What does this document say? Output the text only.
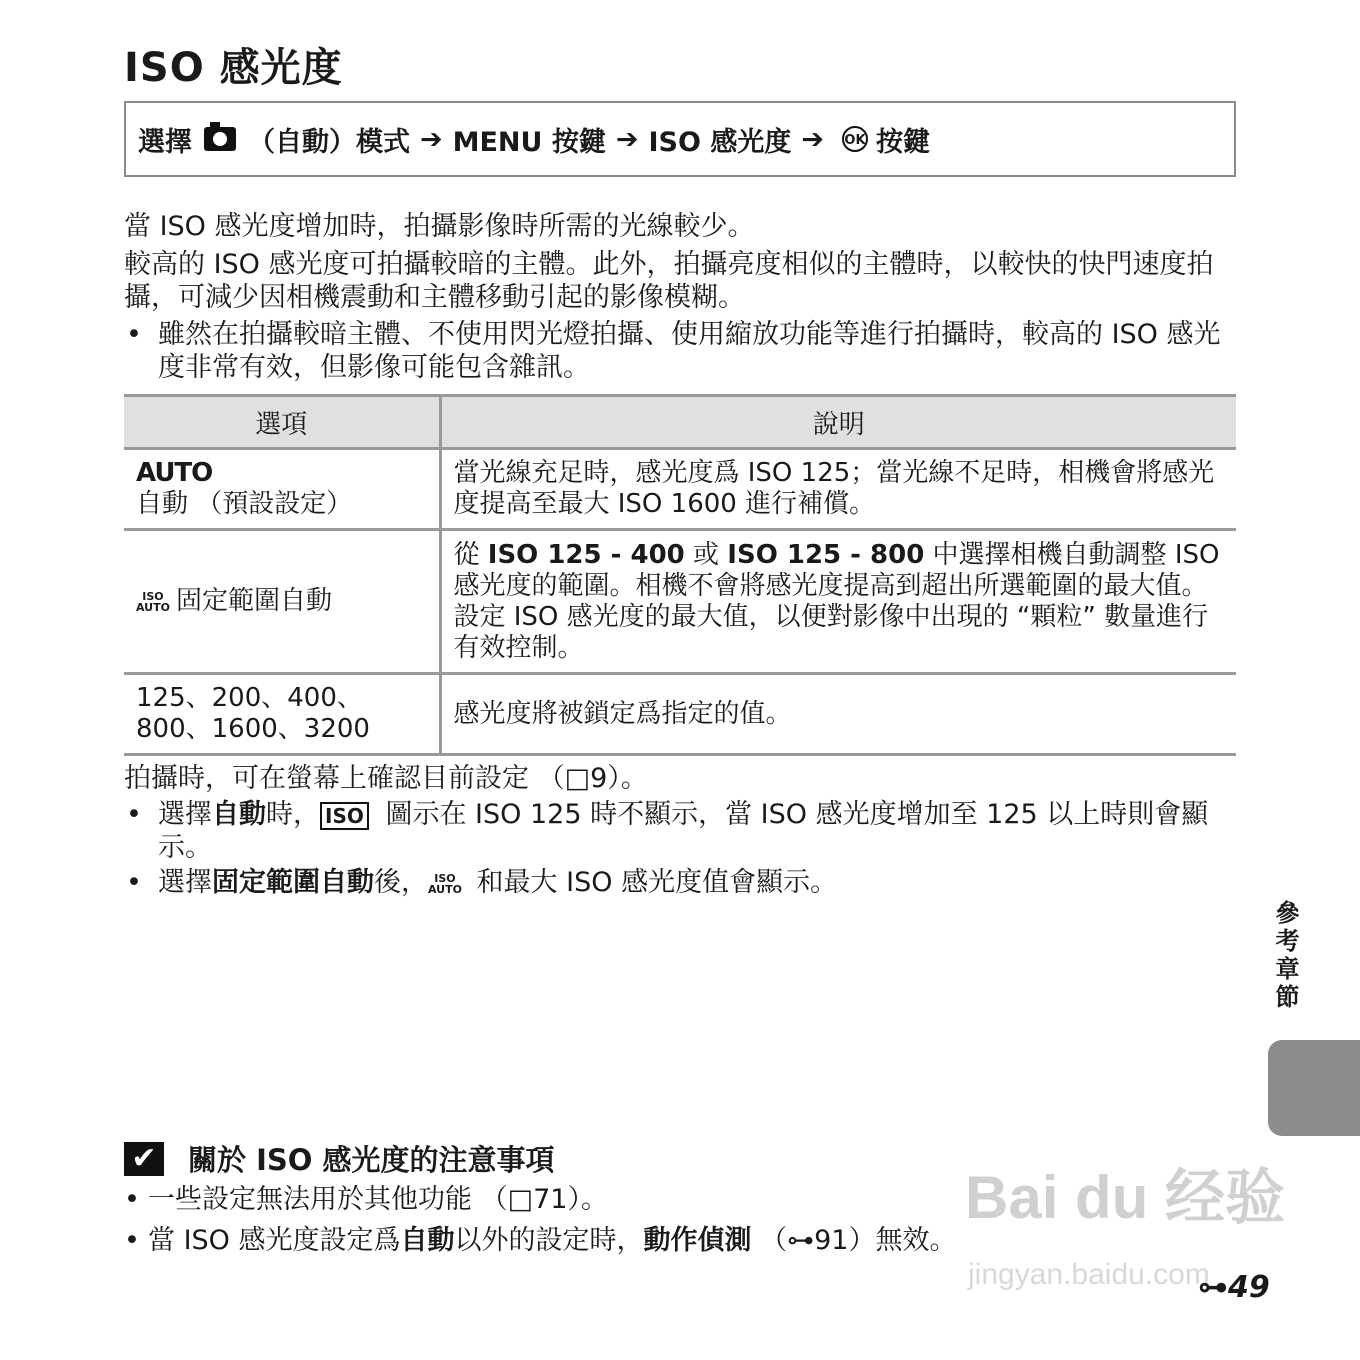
ISO 感光度
選擇 （自動）模式 ➔ MENU 按鍵 ➔ ISO 感光度 ➔ OK 按鍵
當 ISO 感光度增加時，拍攝影像時所需的光線較少。
較高的 ISO 感光度可拍攝較暗的主體。此外，拍攝亮度相似的主體時，以較快的快門速度拍攝，可減少因相機震動和主體移動引起的影像模糊。
• 雖然在拍攝較暗主體、不使用閃光燈拍攝、使用縮放功能等進行拍攝時，較高的 ISO 感光度非常有效，但影像可能包含雜訊。
選項	說明
AUTO自動 （預設設定）	當光線充足時，感光度爲 ISO 125；當光線不足時，相機會將感光度提高至最大 ISO 1600 進行補償。
ISO
AUTO 固定範圍自動	從 ISO 125 - 400 或 ISO 125 - 800 中選擇相機自動調整 ISO 感光度的範圍。相機不會將感光度提高到超出所選範圍的最大值。設定 ISO 感光度的最大值，以便對影像中出現的 “顆粒” 數量進行有效控制。
125、200、400、800、1600、3200	感光度將被鎖定爲指定的值。
拍攝時，可在螢幕上確認目前設定 （□9）。
• 選擇自動時， ISO 圖示在 ISO 125 時不顯示，當 ISO 感光度增加至 125 以上時則會顯示。
• 選擇固定範圍自動後， ISO
AUTO 和最大 ISO 感光度值會顯示。
參考章節
✔ 關於 ISO 感光度的注意事項
• 一些設定無法用於其他功能 （□71）。
• 當 ISO 感光度設定爲自動以外的設定時，動作偵測 （⊶91）無效。
Bai du 经验
jingyan.baidu.com
⊶49
